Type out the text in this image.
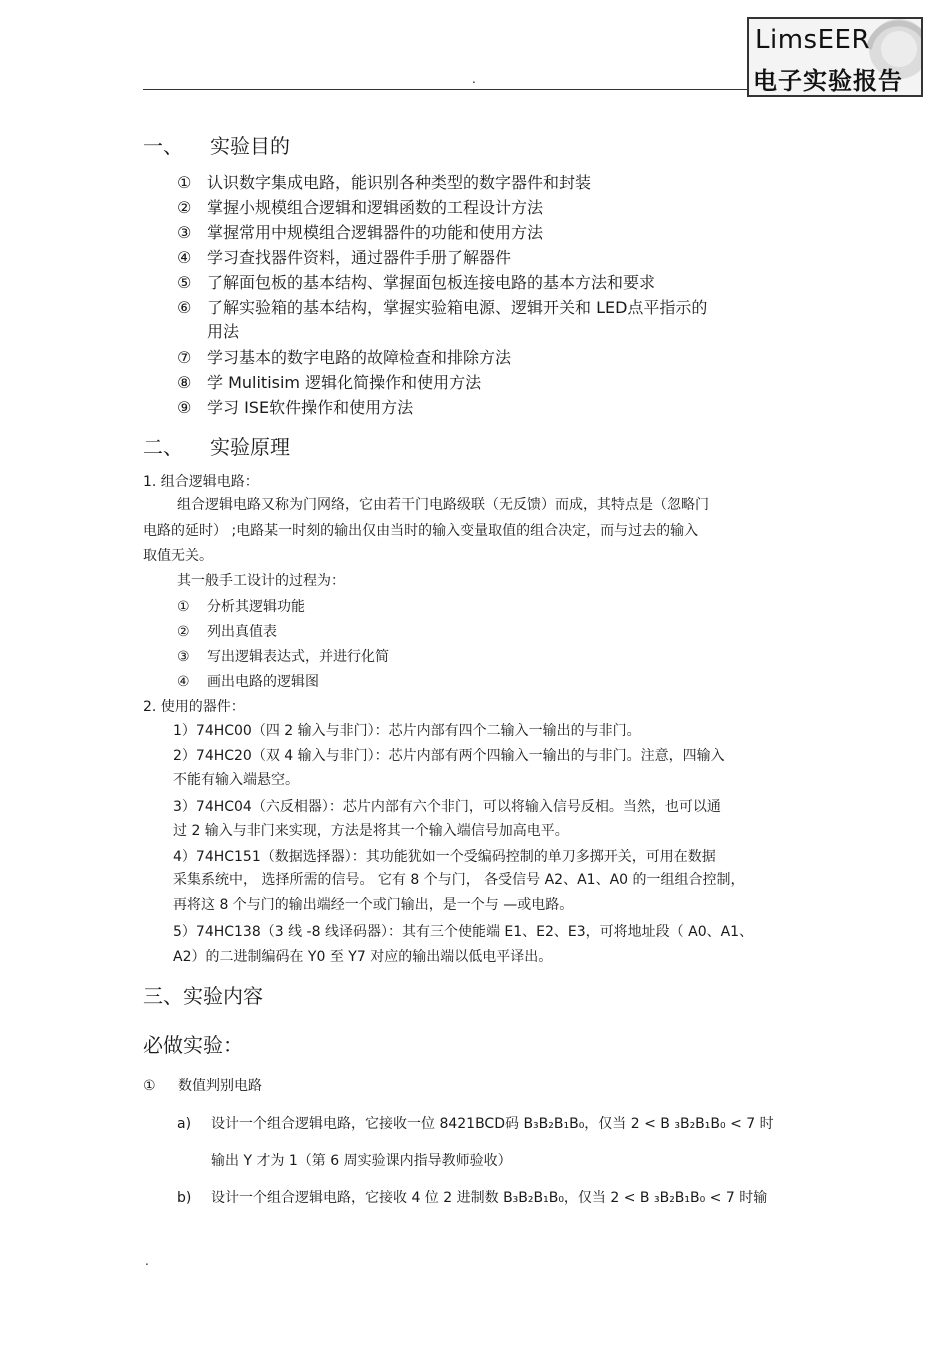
.
LimsEER
电子实验报告
一、 实验目的
① 认识数字集成电路，能识别各种类型的数字器件和封装
② 掌握小规模组合逻辑和逻辑函数的工程设计方法
③ 掌握常用中规模组合逻辑器件的功能和使用方法
④ 学习查找器件资料，通过器件手册了解器件
⑤ 了解面包板的基本结构、掌握面包板连接电路的基本方法和要求
⑥ 了解实验箱的基本结构，掌握实验箱电源、逻辑开关和 LED点平指示的
用法
⑦ 学习基本的数字电路的故障检查和排除方法
⑧ 学 Mulitisim 逻辑化简操作和使用方法
⑨ 学习 ISE软件操作和使用方法
二、 实验原理
1. 组合逻辑电路：
组合逻辑电路又称为门网络，它由若干门电路级联（无反馈）而成，其特点是（忽略门
电路的延时） ;电路某一时刻的输出仅由当时的输入变量取值的组合决定，而与过去的输入
取值无关。
其一般手工设计的过程为：
① 分析其逻辑功能
② 列出真值表
③ 写出逻辑表达式，并进行化简
④ 画出电路的逻辑图
2. 使用的器件：
1）74HC00（四 2 输入与非门）：芯片内部有四个二输入一输出的与非门。
2）74HC20（双 4 输入与非门）：芯片内部有两个四输入一输出的与非门。注意，四输入
不能有输入端悬空。
3）74HC04（六反相器）：芯片内部有六个非门，可以将输入信号反相。当然，也可以通
过 2 输入与非门来实现，方法是将其一个输入端信号加高电平。
4）74HC151（数据选择器）：其功能犹如一个受编码控制的单刀多掷开关，可用在数据
采集系统中， 选择所需的信号。 它有 8 个与门， 各受信号 A2、A1、A0 的一组组合控制，
再将这 8 个与门的输出端经一个或门输出，是一个与 —或电路。
5）74HC138（3 线 -8 线译码器）：其有三个使能端 E1、E2、E3，可将地址段（ A0、A1、
A2）的二进制编码在 Y0 至 Y7 对应的输出端以低电平译出。
三、实验内容
必做实验：
① 数值判别电路
a) 设计一个组合逻辑电路，它接收一位 8421BCD码 B₃B₂B₁B₀，仅当 2 < B ₃B₂B₁B₀ < 7 时
输出 Y 才为 1（第 6 周实验课内指导教师验收）
b) 设计一个组合逻辑电路，它接收 4 位 2 进制数 B₃B₂B₁B₀，仅当 2 < B ₃B₂B₁B₀ < 7 时输
.
